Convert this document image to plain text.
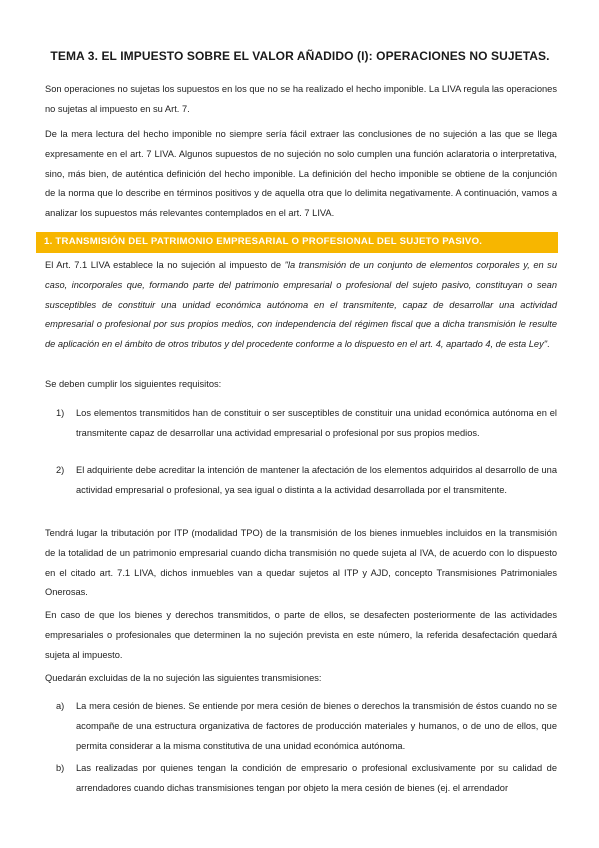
TEMA 3. EL IMPUESTO SOBRE EL VALOR AÑADIDO (I): OPERACIONES NO SUJETAS.
Son operaciones no sujetas los supuestos en los que no se ha realizado el hecho imponible. La LIVA regula las operaciones no sujetas al impuesto en su Art. 7.
De la mera lectura del hecho imponible no siempre sería fácil extraer las conclusiones de no sujeción a las que se llega expresamente en el art. 7 LIVA. Algunos supuestos de no sujeción no solo cumplen una función aclaratoria o interpretativa, sino, más bien, de auténtica definición del hecho imponible. La definición del hecho imponible se obtiene de la conjunción de la norma que lo describe en términos positivos y de aquella otra que lo delimita negativamente. A continuación, vamos a analizar los supuestos más relevantes contemplados en el art. 7 LIVA.
1. TRANSMISIÓN DEL PATRIMONIO EMPRESARIAL O PROFESIONAL DEL SUJETO PASIVO.
El Art. 7.1 LIVA establece la no sujeción al impuesto de "la transmisión de un conjunto de elementos corporales y, en su caso, incorporales que, formando parte del patrimonio empresarial o profesional del sujeto pasivo, constituyan o sean susceptibles de constituir una unidad económica autónoma en el transmitente, capaz de desarrollar una actividad empresarial o profesional por sus propios medios, con independencia del régimen fiscal que a dicha transmisión le resulte de aplicación en el ámbito de otros tributos y del procedente conforme a lo dispuesto en el art. 4, apartado 4, de esta Ley".
Se deben cumplir los siguientes requisitos:
1) Los elementos transmitidos han de constituir o ser susceptibles de constituir una unidad económica autónoma en el transmitente capaz de desarrollar una actividad empresarial o profesional por sus propios medios.
2) El adquiriente debe acreditar la intención de mantener la afectación de los elementos adquiridos al desarrollo de una actividad empresarial o profesional, ya sea igual o distinta a la actividad desarrollada por el transmitente.
Tendrá lugar la tributación por ITP (modalidad TPO) de la transmisión de los bienes inmuebles incluidos en la transmisión de la totalidad de un patrimonio empresarial cuando dicha transmisión no quede sujeta al IVA, de acuerdo con lo dispuesto en el citado art. 7.1 LIVA, dichos inmuebles van a quedar sujetos al ITP y AJD, concepto Transmisiones Patrimoniales Onerosas.
En caso de que los bienes y derechos transmitidos, o parte de ellos, se desafecten posteriormente de las actividades empresariales o profesionales que determinen la no sujeción prevista en este número, la referida desafectación quedará sujeta al impuesto.
Quedarán excluidas de la no sujeción las siguientes transmisiones:
a) La mera cesión de bienes. Se entiende por mera cesión de bienes o derechos la transmisión de éstos cuando no se acompañe de una estructura organizativa de factores de producción materiales y humanos, o de uno de ellos, que permita considerar a la misma constitutiva de una unidad económica autónoma.
b) Las realizadas por quienes tengan la condición de empresario o profesional exclusivamente por su calidad de arrendadores cuando dichas transmisiones tengan por objeto la mera cesión de bienes (ej. el arrendador
